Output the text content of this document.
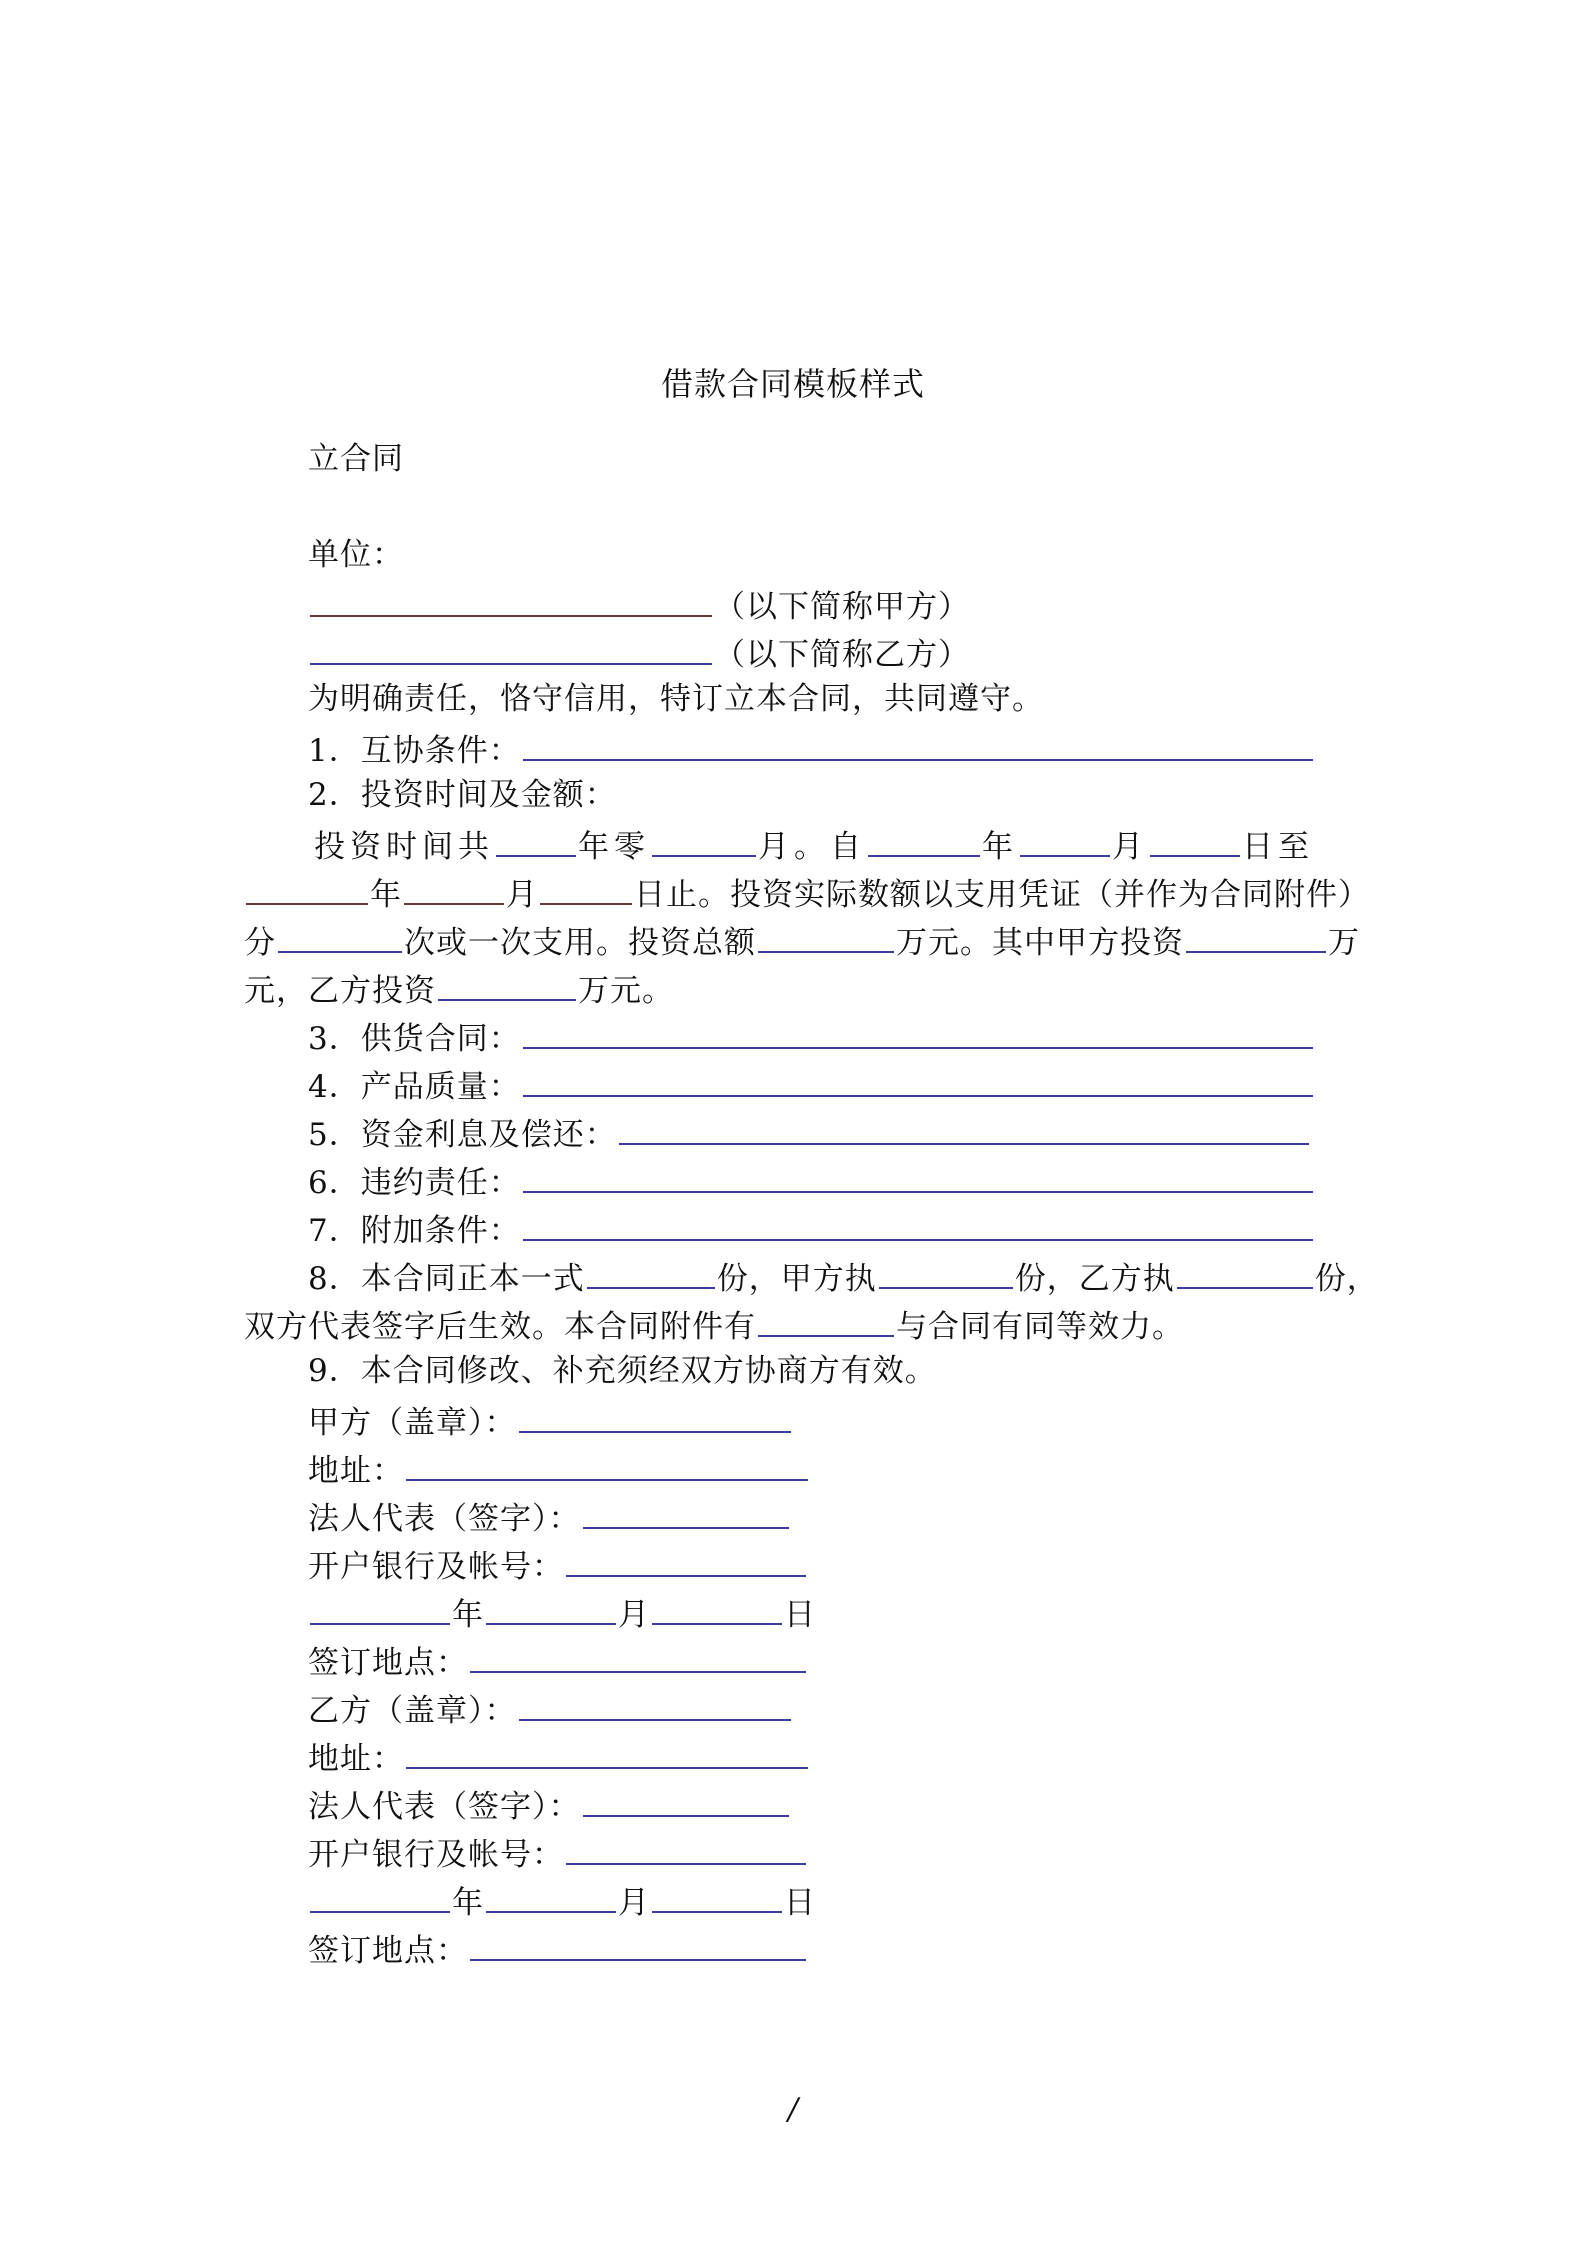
借款合同模板样式
立合同
单位：
（以下简称甲方）
（以下简称乙方）
为明确责任，恪守信用，特订立本合同，共同遵守。
1．互协条件：
2．投资时间及金额：
投资时间共	年零	月。自	年	月	日至
年	月	日止。投资实际数额以支用凭证（并作为合同附件）
分	次或一次支用。投资总额	万元。其中甲方投资	万
元，乙方投资	万元。
3．供货合同：
4．产品质量：
5．资金利息及偿还：
6．违约责任：
7．附加条件：
8．本合同正本一式	份，甲方执	份，乙方执	份，
双方代表签字后生效。本合同附件有	与合同有同等效力。
9．本合同修改、补充须经双方协商方有效。
甲方（盖章）：
地址：
法人代表（签字）：
开户银行及帐号：
年	月	日
签订地点：
乙方（盖章）：
地址：
法人代表（签字）：
开户银行及帐号：
年	月	日
签订地点：
/
